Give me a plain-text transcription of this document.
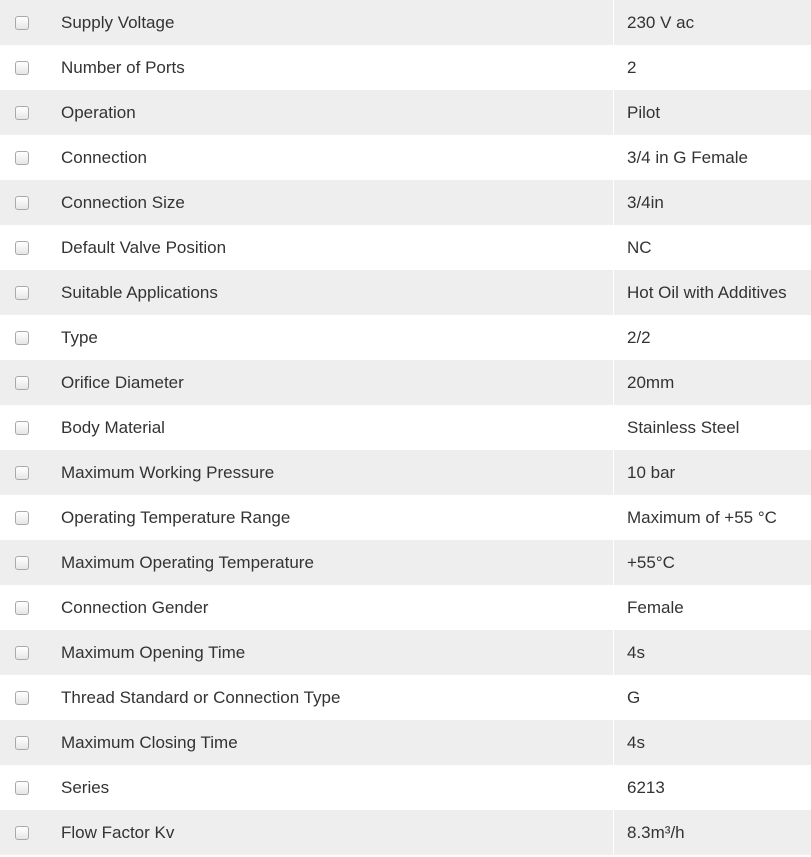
	Supply Voltage	230 V ac

	Number of Ports	2

	Operation	Pilot

	Connection	3/4 in G Female

	Connection Size	3/4in

	Default Valve Position	NC

	Suitable Applications	Hot Oil with Additives

	Type	2/2

	Orifice Diameter	20mm

	Body Material	Stainless Steel

	Maximum Working Pressure	10 bar

	Operating Temperature Range	Maximum of +55 °C

	Maximum Operating Temperature	+55°C

	Connection Gender	Female

	Maximum Opening Time	4s

	Thread Standard or Connection Type	G

	Maximum Closing Time	4s

	Series	6213

	Flow Factor Kv	8.3m³/h
